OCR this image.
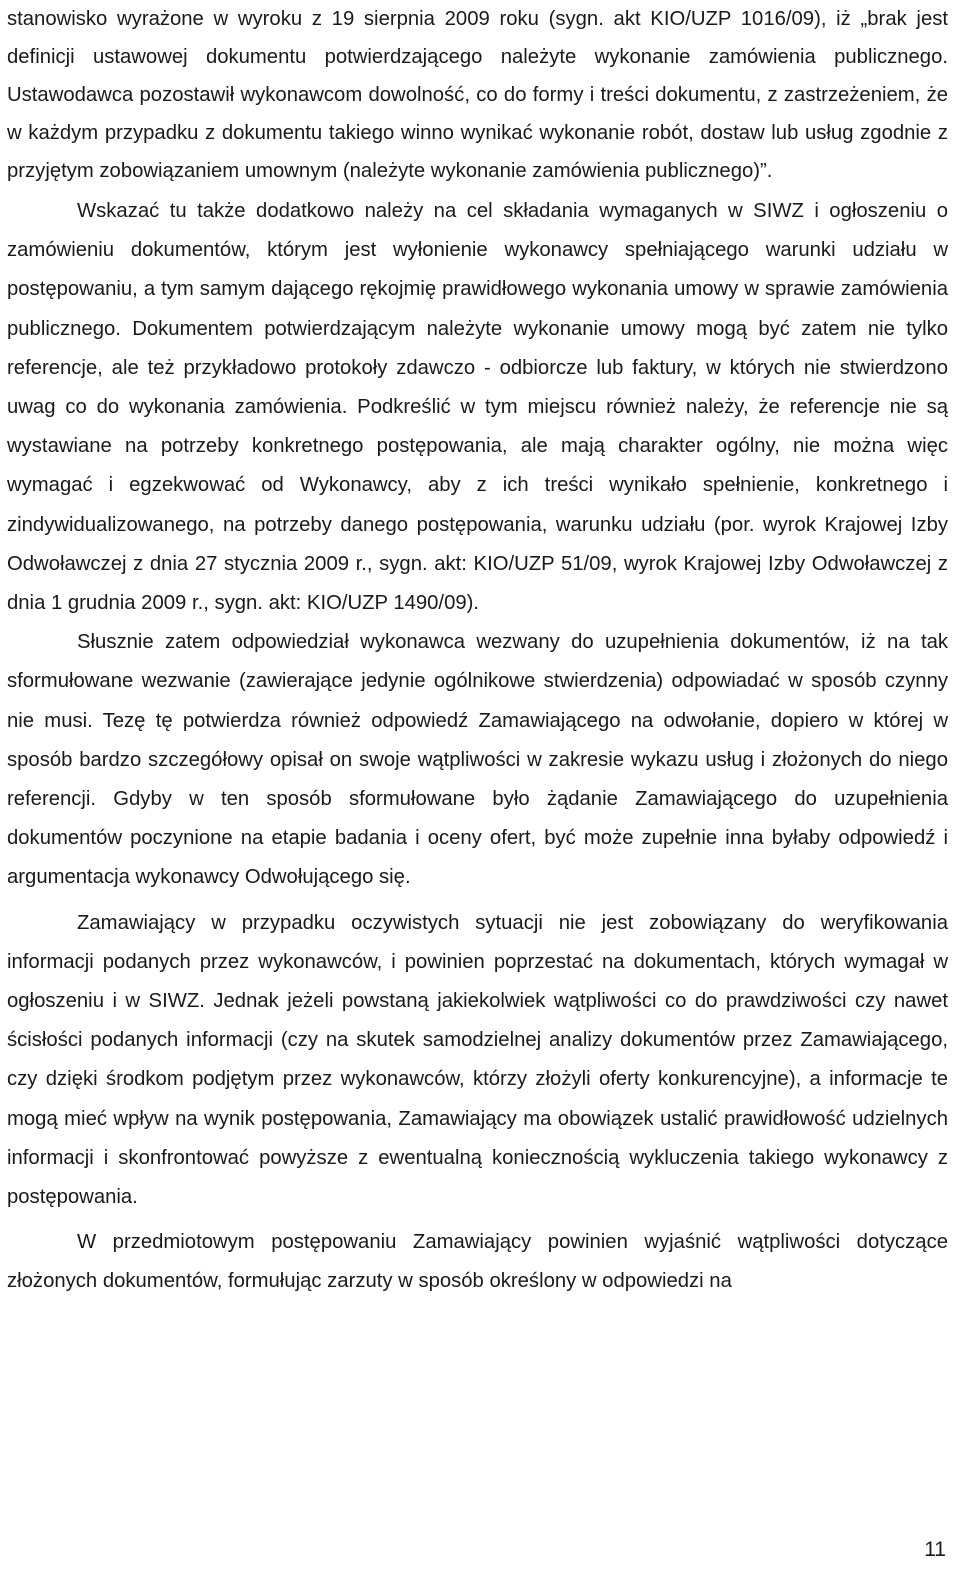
stanowisko wyrażone w wyroku z 19 sierpnia 2009 roku (sygn. akt KIO/UZP 1016/09), iż „brak jest definicji ustawowej dokumentu potwierdzającego należyte wykonanie zamówienia publicznego. Ustawodawca pozostawił wykonawcom dowolność, co do formy i treści dokumentu, z zastrzeżeniem, że w każdym przypadku z dokumentu takiego winno wynikać wykonanie robót, dostaw lub usług zgodnie z przyjętym zobowiązaniem umownym (należyte wykonanie zamówienia publicznego)”.

Wskazać tu także dodatkowo należy na cel składania wymaganych w SIWZ i ogłoszeniu o zamówieniu dokumentów, którym jest wyłonienie wykonawcy spełniającego warunki udziału w postępowaniu, a tym samym dającego rękojmię prawidłowego wykonania umowy w sprawie zamówienia publicznego. Dokumentem potwierdzającym należyte wykonanie umowy mogą być zatem nie tylko referencje, ale też przykładowo protokoły zdawczo - odbiorcze lub faktury, w których nie stwierdzono uwag co do wykonania zamówienia. Podkreślić w tym miejscu również należy, że referencje nie są wystawiane na potrzeby konkretnego postępowania, ale mają charakter ogólny, nie można więc wymagać i egzekwować od Wykonawcy, aby z ich treści wynikało spełnienie, konkretnego i zindywidualizowanego, na potrzeby danego postępowania, warunku udziału (por. wyrok Krajowej Izby Odwoławczej z dnia 27 stycznia 2009 r., sygn. akt: KIO/UZP 51/09, wyrok Krajowej Izby Odwoławczej z dnia 1 grudnia 2009 r., sygn. akt: KIO/UZP 1490/09).

Słusznie zatem odpowiedział wykonawca wezwany do uzupełnienia dokumentów, iż na tak sformułowane wezwanie (zawierające jedynie ogólnikowe stwierdzenia) odpowiadać w sposób czynny nie musi. Tezę tę potwierdza również odpowiedź Zamawiającego na odwołanie, dopiero w której w sposób bardzo szczegółowy opisał on swoje wątpliwości w zakresie wykazu usług i złożonych do niego referencji. Gdyby w ten sposób sformułowane było żądanie Zamawiającego do uzupełnienia dokumentów poczynione na etapie badania i oceny ofert, być może zupełnie inna byłaby odpowiedź i argumentacja wykonawcy Odwołującego się.

Zamawiający w przypadku oczywistych sytuacji nie jest zobowiązany do weryfikowania informacji podanych przez wykonawców, i powinien poprzestać na dokumentach, których wymagał w ogłoszeniu i w SIWZ. Jednak jeżeli powstaną jakiekolwiek wątpliwości co do prawdziwości czy nawet ścisłości podanych informacji (czy na skutek samodzielnej analizy dokumentów przez Zamawiającego, czy dzięki środkom podjętym przez wykonawców, którzy złożyli oferty konkurencyjne), a informacje te mogą mieć wpływ na wynik postępowania, Zamawiający ma obowiązek ustalić prawidłowość udzielnych informacji i skonfrontować powyższe z ewentualną koniecznością wykluczenia takiego wykonawcy z postępowania.

W przedmiotowym postępowaniu Zamawiający powinien wyjaśnić wątpliwości dotyczące złożonych dokumentów, formułując zarzuty w sposób określony w odpowiedzi na

11
